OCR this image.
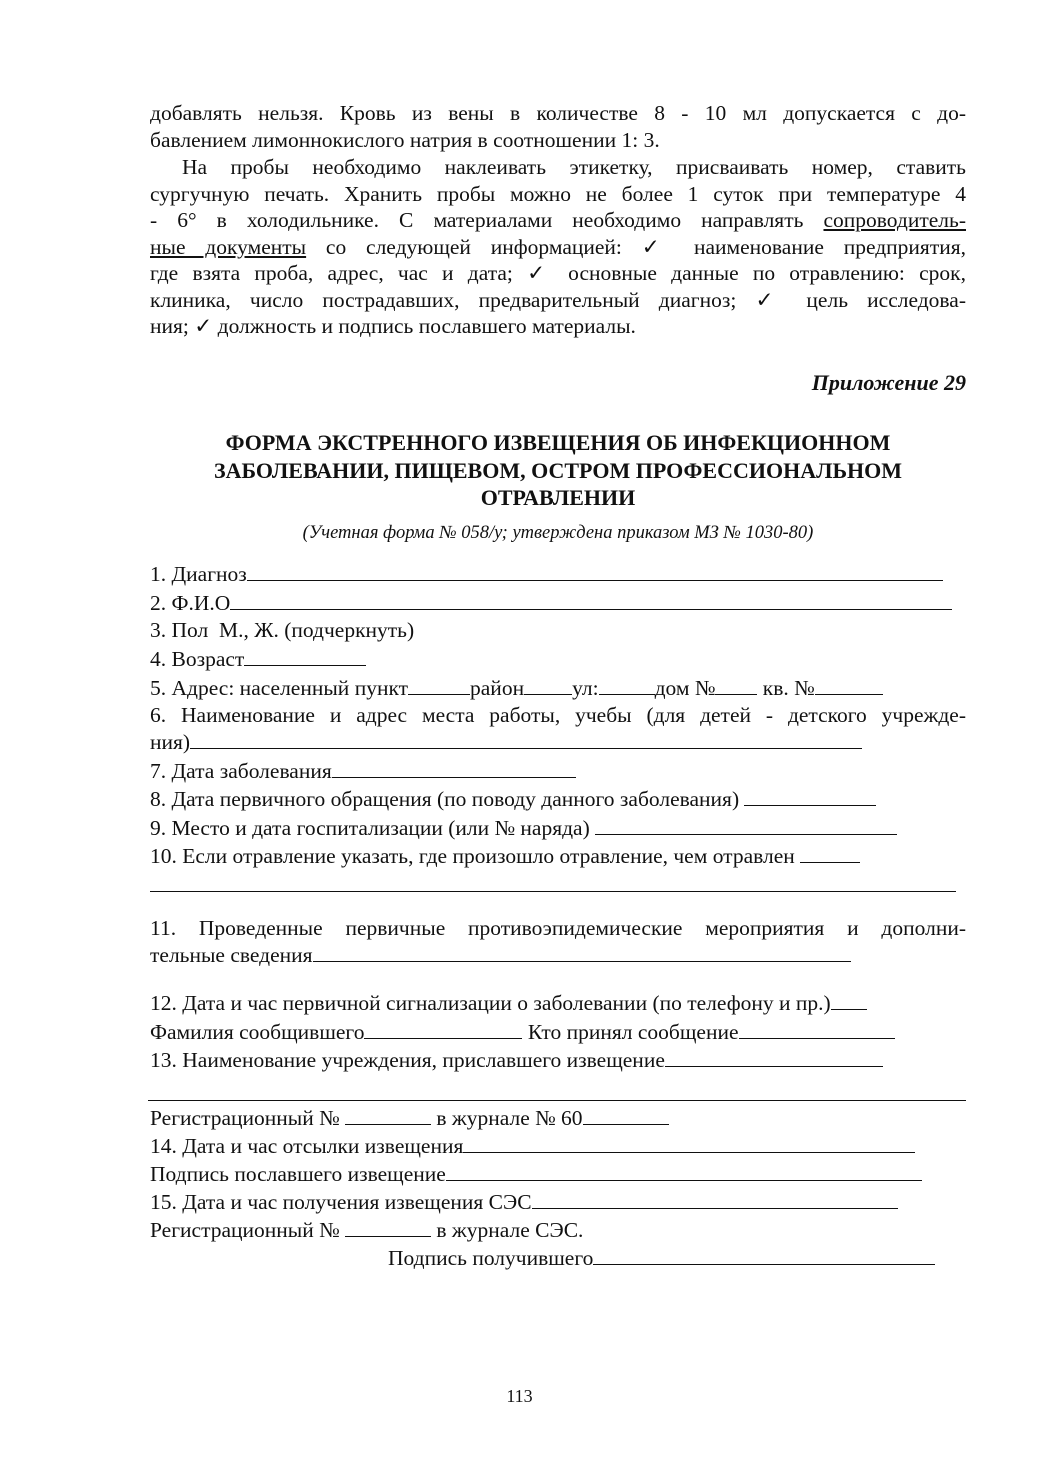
добавлять нельзя. Кровь из вены в количестве 8 - 10 мл допускается с до-
бавлением лимоннокислого натрия в соотношении 1: 3.
На пробы необходимо наклеивать этикетку, присваивать номер, ставить
сургучную печать. Хранить пробы можно не более 1 суток при температуре 4
- 6° в холодильнике. С материалами необходимо направлять сопроводитель-
ные документы со следующей информацией: ✓ наименование предприятия,
где взята проба, адрес, час и дата; ✓ основные данные по отравлению: срок,
клиника, число пострадавших, предварительный диагноз; ✓ цель исследова-
ния; ✓ должность и подпись пославшего материалы.
Приложение 29
ФОРМА ЭКСТРЕННОГО ИЗВЕЩЕНИЯ ОБ ИНФЕКЦИОННОМ
ЗАБОЛЕВАНИИ, ПИЩЕВОМ, ОСТРОМ ПРОФЕССИОНАЛЬНОМ
ОТРАВЛЕНИИ
(Учетная форма № 058/у; утверждена приказом МЗ № 1030-80)
1. Диагноз
2. Ф.И.О
3. Пол  М., Ж. (подчеркнуть)
4. Возраст
5. Адрес: населенный пункт	район ул:	дом № кв. №
6. Наименование и адрес места работы, учебы (для детей - детского учрежде-
ния)
7. Дата заболевания
8. Дата первичного обращения (по поводу данного заболевания)
9. Место и дата госпитализации (или № наряда)
10. Если отравление указать, где произошло отравление, чем отравлен
11. Проведенные первичные противоэпидемические мероприятия и дополни-
тельные сведения
12. Дата и час первичной сигнализации о заболевании (по телефону и пр.)
Фамилия сообщившего	Кто принял сообщение
13. Наименование учреждения, приславшего извещение
Регистрационный №	в журнале № 60
14. Дата и час отсылки извещения
Подпись пославшего извещение
15. Дата и час получения извещения СЭС
Регистрационный №	в журнале СЭС.
Подпись получившего
113
